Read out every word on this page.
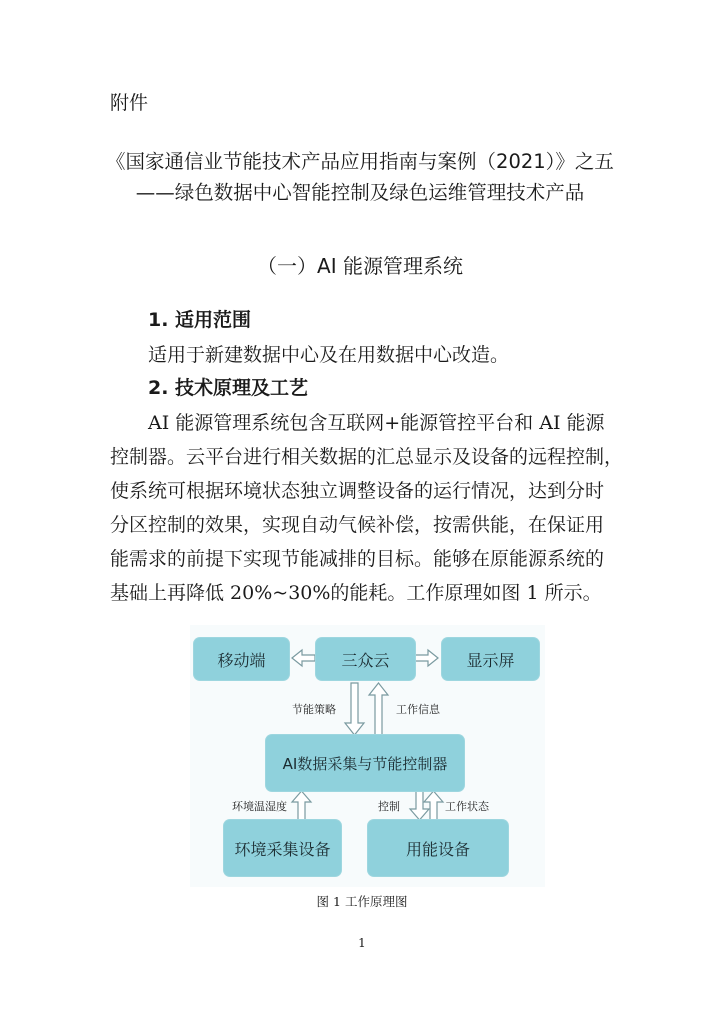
附件
《国家通信业节能技术产品应用指南与案例（2021）》之五
——绿色数据中心智能控制及绿色运维管理技术产品
（一）AI 能源管理系统
1. 适用范围
适用于新建数据中心及在用数据中心改造。
2. 技术原理及工艺
AI 能源管理系统包含互联网+能源管控平台和 AI 能源
控制器。云平台进行相关数据的汇总显示及设备的远程控制，
使系统可根据环境状态独立调整设备的运行情况，达到分时
分区控制的效果，实现自动气候补偿，按需供能，在保证用
能需求的前提下实现节能减排的目标。能够在原能源系统的
基础上再降低 20%~30%的能耗。工作原理如图 1 所示。
移动端	三众云	显示屏
节能策略	工作信息
AI数据采集与节能控制器
环境温湿度	控制	工作状态
环境采集设备	用能设备
图 1 工作原理图
1
